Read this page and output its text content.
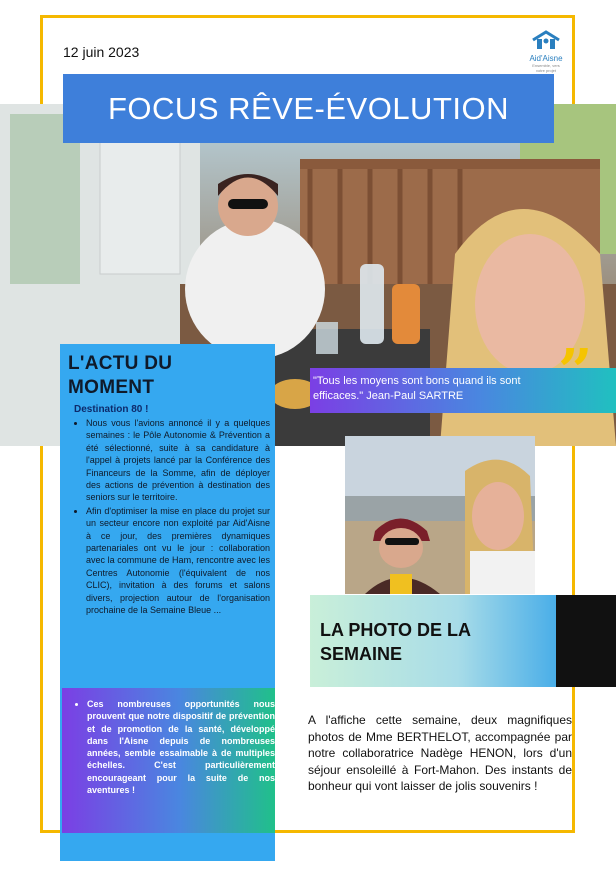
12 juin 2023	Aid'Aisne
Ensemble, vers votre projet
FOCUS RÊVE-ÉVOLUTION
L'ACTU DU
MOMENT
Destination 80 !
• Nous vous l'avions annoncé il y a quelques semaines : le Pôle Autonomie & Prévention a été sélectionné, suite à sa candidature à l'appel à projets lancé par la Conférence des Financeurs de la Somme, afin de déployer des actions de prévention à destination des seniors sur le territoire.
• Afin d'optimiser la mise en place du projet sur un secteur encore non exploité par Aid'Aisne à ce jour, des premières dynamiques partenariales ont vu le jour : collaboration avec la commune de Ham, rencontre avec les Centres Autonomie (l'équivalent de nos CLIC), invitation à des forums et salons divers, projection autour de l'organisation prochaine de la Semaine Bleue ...
• Ces nombreuses opportunités nous prouvent que notre dispositif de prévention et de promotion de la santé, développé dans l'Aisne depuis de nombreuses années, semble essaimable à de multiples échelles. C'est particulièrement encourageant pour la suite de nos aventures !
"Tous les moyens sont bons quand ils sont efficaces." Jean-Paul SARTRE	”
LA PHOTO DE LA
SEMAINE
A l'affiche cette semaine, deux magnifiques photos de Mme BERTHELOT, accompagnée par notre collaboratrice Nadège HENON, lors d'un séjour ensoleillé à Fort-Mahon. Des instants de bonheur qui vont laisser de jolis souvenirs !
